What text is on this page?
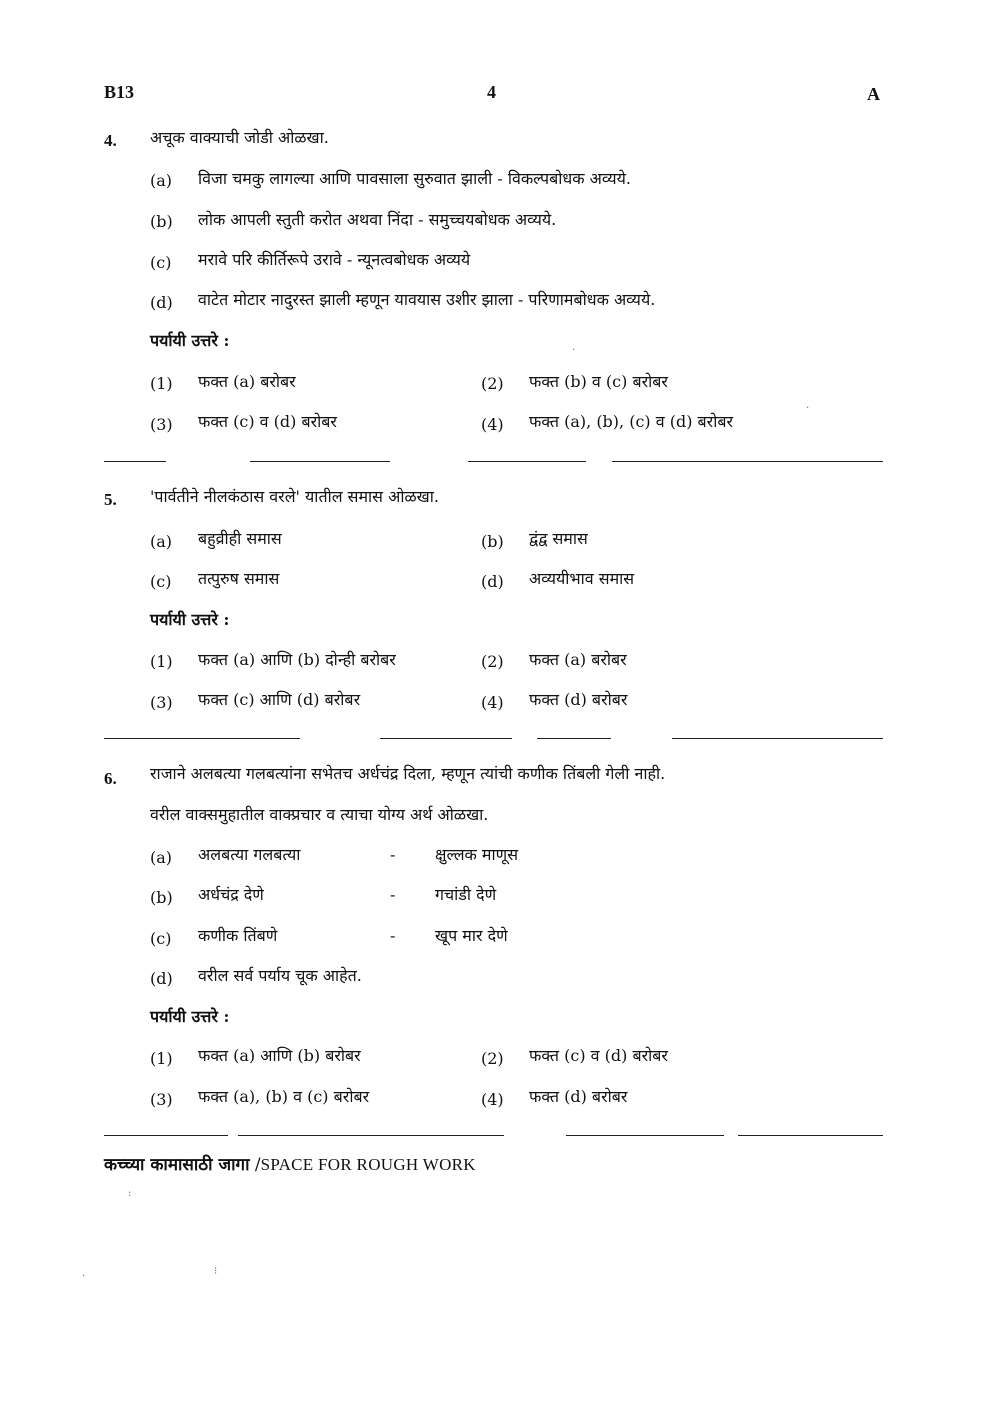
B13	4	A
4. अचूक वाक्याची जोडी ओळखा.
(a) विजा चमकु लागल्या आणि पावसाला सुरुवात झाली - विकल्पबोधक अव्यये.
(b) लोक आपली स्तुती करोत अथवा निंदा - समुच्चयबोधक अव्यये.
(c) मरावे परि कीर्तिरूपे उरावे - न्यूनत्वबोधक अव्यये
(d) वाटेत मोटार नादुरस्त झाली म्हणून यावयास उशीर झाला - परिणामबोधक अव्यये.
पर्यायी उत्तरे :
(1) फक्त (a) बरोबर	(2) फक्त (b) व (c) बरोबर
(3) फक्त (c) व (d) बरोबर	(4) फक्त (a), (b), (c) व (d) बरोबर
5. 'पार्वतीने नीलकंठास वरले' यातील समास ओळखा.
(a) बहुव्रीही समास	(b) द्वंद्व समास
(c) तत्पुरुष समास	(d) अव्ययीभाव समास
पर्यायी उत्तरे :
(1) फक्त (a) आणि (b) दोन्ही बरोबर	(2) फक्त (a) बरोबर
(3) फक्त (c) आणि (d) बरोबर	(4) फक्त (d) बरोबर
6. राजाने अलबत्या गलबत्यांना सभेतच अर्धचंद्र दिला, म्हणून त्यांची कणीक तिंबली गेली नाही.
वरील वाक्समुहातील वाक्प्रचार व त्याचा योग्य अर्थ ओळखा.
(a) अलबत्या गलबत्या	- क्षुल्लक माणूस
(b) अर्धचंद्र देणे	- गचांडी देणे
(c) कणीक तिंबणे	- खूप मार देणे
(d) वरील सर्व पर्याय चूक आहेत.
पर्यायी उत्तरे :
(1) फक्त (a) आणि (b) बरोबर	(2) फक्त (c) व (d) बरोबर
(3) फक्त (a), (b) व (c) बरोबर	(4) फक्त (d) बरोबर
कच्च्या कामासाठी जागा /SPACE FOR ROUGH WORK
:
.	⁝
.
.
